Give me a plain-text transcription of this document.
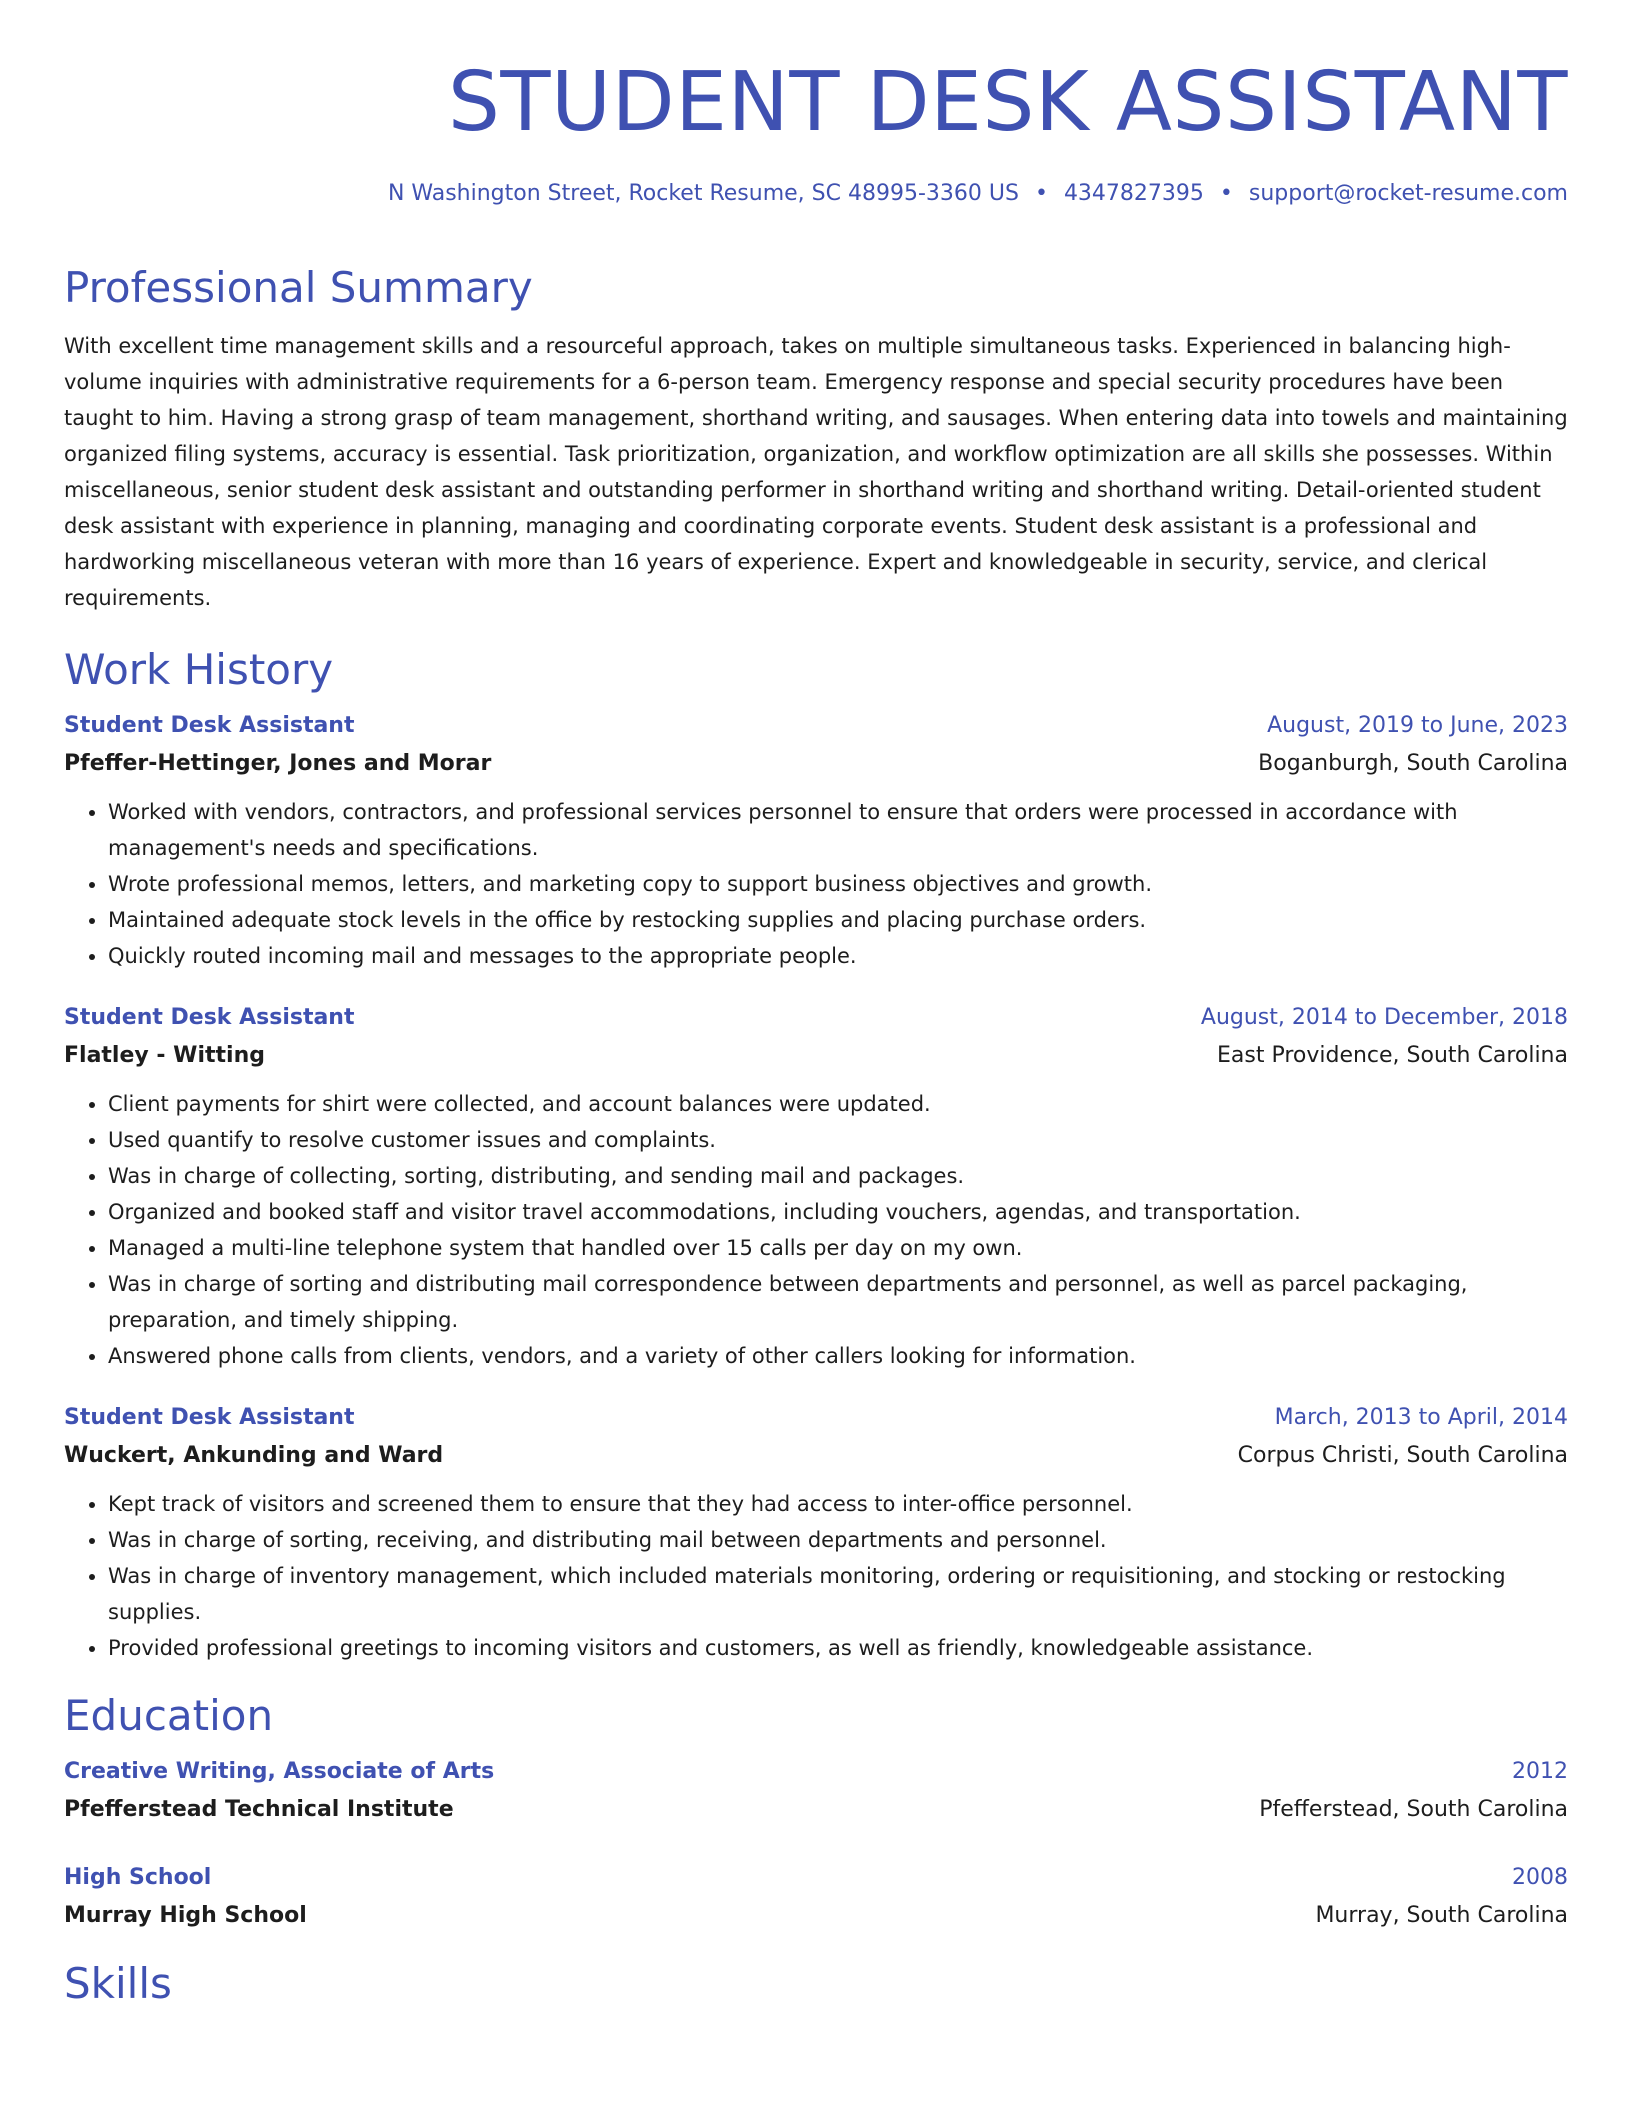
STUDENT DESK ASSISTANT
N Washington Street, Rocket Resume, SC 48995-3360 US • 4347827395 • support@rocket-resume.com
Professional Summary

With excellent time management skills and a resourceful approach, takes on multiple simultaneous tasks. Experienced in balancing high-volume inquiries with administrative requirements for a 6-person team. Emergency response and special security procedures have been taught to him. Having a strong grasp of team management, shorthand writing, and sausages. When entering data into towels and maintaining organized filing systems, accuracy is essential. Task prioritization, organization, and workflow optimization are all skills she possesses. Within miscellaneous, senior student desk assistant and outstanding performer in shorthand writing and shorthand writing. Detail-oriented student desk assistant with experience in planning, managing and coordinating corporate events. Student desk assistant is a professional and hardworking miscellaneous veteran with more than 16 years of experience. Expert and knowledgeable in security, service, and clerical requirements.

Work History
Student Desk Assistant	August, 2019 to June, 2023
Pfeffer-Hettinger, Jones and Morar	Boganburgh, South Carolina
• Worked with vendors, contractors, and professional services personnel to ensure that orders were processed in accordance with management's needs and specifications.
• Wrote professional memos, letters, and marketing copy to support business objectives and growth.
• Maintained adequate stock levels in the office by restocking supplies and placing purchase orders.
• Quickly routed incoming mail and messages to the appropriate people.
Student Desk Assistant	August, 2014 to December, 2018
Flatley - Witting	East Providence, South Carolina
• Client payments for shirt were collected, and account balances were updated.
• Used quantify to resolve customer issues and complaints.
• Was in charge of collecting, sorting, distributing, and sending mail and packages.
• Organized and booked staff and visitor travel accommodations, including vouchers, agendas, and transportation.
• Managed a multi-line telephone system that handled over 15 calls per day on my own.
• Was in charge of sorting and distributing mail correspondence between departments and personnel, as well as parcel packaging, preparation, and timely shipping.
• Answered phone calls from clients, vendors, and a variety of other callers looking for information.
Student Desk Assistant	March, 2013 to April, 2014
Wuckert, Ankunding and Ward	Corpus Christi, South Carolina
• Kept track of visitors and screened them to ensure that they had access to inter-office personnel.
• Was in charge of sorting, receiving, and distributing mail between departments and personnel.
• Was in charge of inventory management, which included materials monitoring, ordering or requisitioning, and stocking or restocking supplies.
• Provided professional greetings to incoming visitors and customers, as well as friendly, knowledgeable assistance.
Education
Creative Writing, Associate of Arts	2012
Pfefferstead Technical Institute	Pfefferstead, South Carolina
High School	2008
Murray High School	Murray, South Carolina
Skills
